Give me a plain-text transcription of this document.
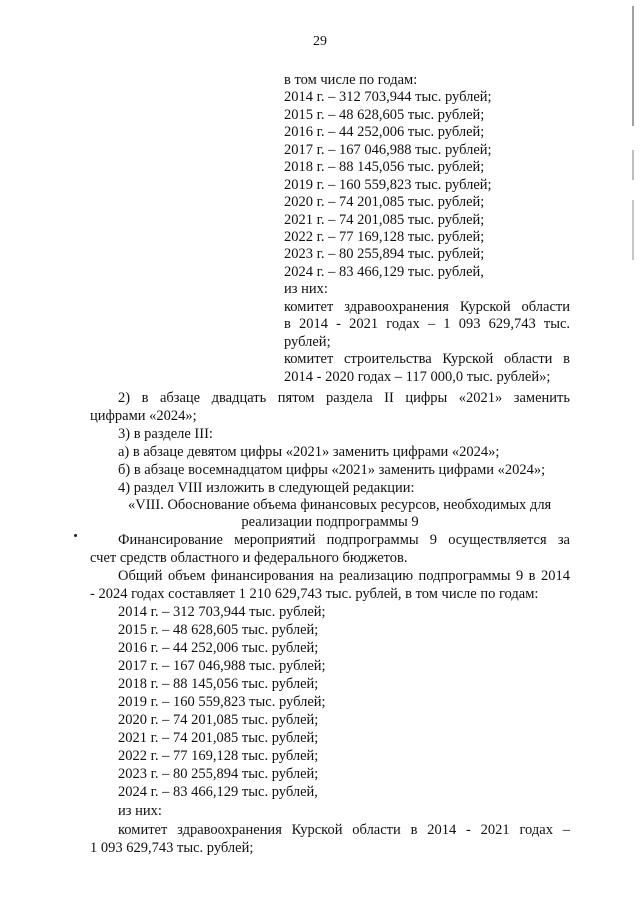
29
в том числе по годам:
2014 г. – 312 703,944 тыс. рублей;
2015 г. – 48 628,605 тыс. рублей;
2016 г. – 44 252,006 тыс. рублей;
2017 г. – 167 046,988 тыс. рублей;
2018 г. – 88 145,056 тыс. рублей;
2019 г. – 160 559,823 тыс. рублей;
2020 г. – 74 201,085 тыс. рублей;
2021 г. – 74 201,085 тыс. рублей;
2022 г. – 77 169,128 тыс. рублей;
2023 г. – 80 255,894 тыс. рублей;
2024 г. – 83 466,129 тыс. рублей,
из них:
комитет здравоохранения Курской области
в 2014 - 2021 годах – 1 093 629,743 тыс.
рублей;
комитет строительства Курской области в
2014 - 2020 годах – 117 000,0 тыс. рублей»;
2) в абзаце двадцать пятом раздела II цифры «2021» заменить
цифрами «2024»;
3) в разделе III:
а) в абзаце девятом цифры «2021» заменить цифрами «2024»;
б) в абзаце восемнадцатом цифры «2021» заменить цифрами «2024»;
4) раздел VIII изложить в следующей редакции:
«VIII. Обоснование объема финансовых ресурсов, необходимых для
реализации подпрограммы 9
Финансирование мероприятий подпрограммы 9 осуществляется за
счет средств областного и федерального бюджетов.
Общий объем финансирования на реализацию подпрограммы 9 в 2014
- 2024 годах составляет 1 210 629,743 тыс. рублей, в том числе по годам:
2014 г. – 312 703,944 тыс. рублей;
2015 г. – 48 628,605 тыс. рублей;
2016 г. – 44 252,006 тыс. рублей;
2017 г. – 167 046,988 тыс. рублей;
2018 г. – 88 145,056 тыс. рублей;
2019 г. – 160 559,823 тыс. рублей;
2020 г. – 74 201,085 тыс. рублей;
2021 г. – 74 201,085 тыс. рублей;
2022 г. – 77 169,128 тыс. рублей;
2023 г. – 80 255,894 тыс. рублей;
2024 г. – 83 466,129 тыс. рублей,
из них:
комитет здравоохранения Курской области в 2014 - 2021 годах –
1 093 629,743 тыс. рублей;
